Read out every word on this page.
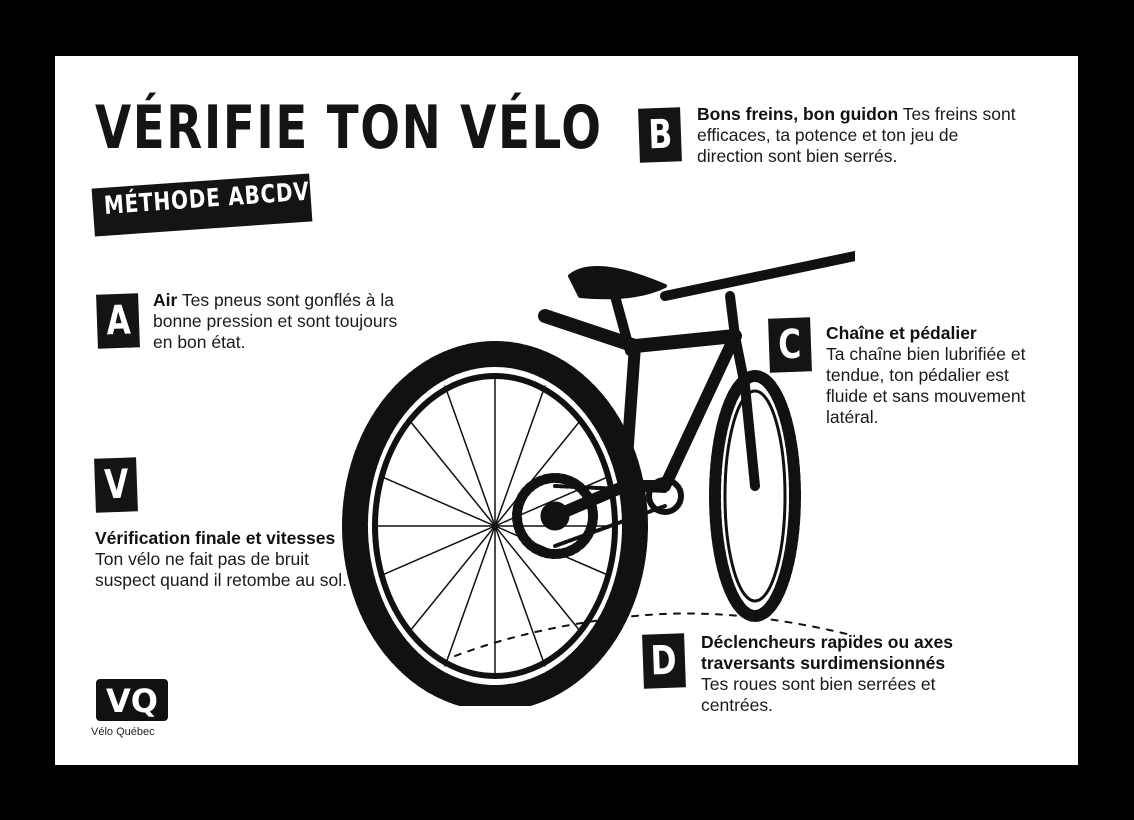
VÉRIFIE TON VÉLO
MÉTHODE ABCDV
A	Air Tes pneus sont gonflés à la bonne pression et sont toujours en bon état.
B	Bons freins, bon guidon Tes freins sont efficaces, ta potence et ton jeu de direction sont bien serrés.
C	Chaîne et pédalier
Ta chaîne bien lubrifiée et tendue, ton pédalier est fluide et sans mouvement latéral.
D	Déclencheurs rapides ou axes traversants surdimensionnés
Tes roues sont bien serrées et centrées.
V
Vérification finale et vitesses Ton vélo ne fait pas de bruit suspect quand il retombe au sol.
VQ
Vélo Québec
